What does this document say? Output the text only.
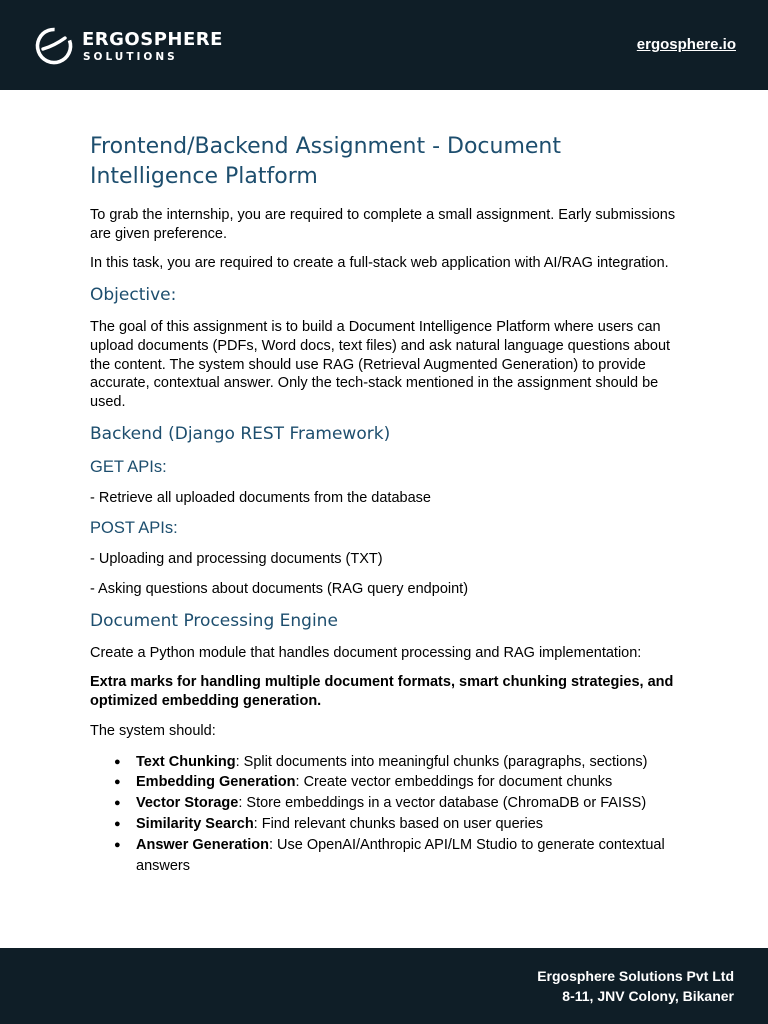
ERGOSPHERE
SOLUTIONS
ergosphere.io
Frontend/Backend Assignment - Document Intelligence Platform

To grab the internship, you are required to complete a small assignment. Early submissions are given preference.

In this task, you are required to create a full-stack web application with AI/RAG integration.

Objective:

The goal of this assignment is to build a Document Intelligence Platform where users can upload documents (PDFs, Word docs, text files) and ask natural language questions about the content. The system should use RAG (Retrieval Augmented Generation) to provide accurate, contextual answer. Only the tech-stack mentioned in the assignment should be used.

Backend (Django REST Framework)
GET APIs:

- Retrieve all uploaded documents from the database

POST APIs:

- Uploading and processing documents (TXT)

- Asking questions about documents (RAG query endpoint)

Document Processing Engine

Create a Python module that handles document processing and RAG implementation:

Extra marks for handling multiple document formats, smart chunking strategies, and optimized embedding generation.

The system should:

● Text Chunking: Split documents into meaningful chunks (paragraphs, sections)
● Embedding Generation: Create vector embeddings for document chunks
● Vector Storage: Store embeddings in a vector database (ChromaDB or FAISS)
● Similarity Search: Find relevant chunks based on user queries
● Answer Generation: Use OpenAI/Anthropic API/LM Studio to generate contextual answers
Ergosphere Solutions Pvt Ltd
8-11, JNV Colony, Bikaner
